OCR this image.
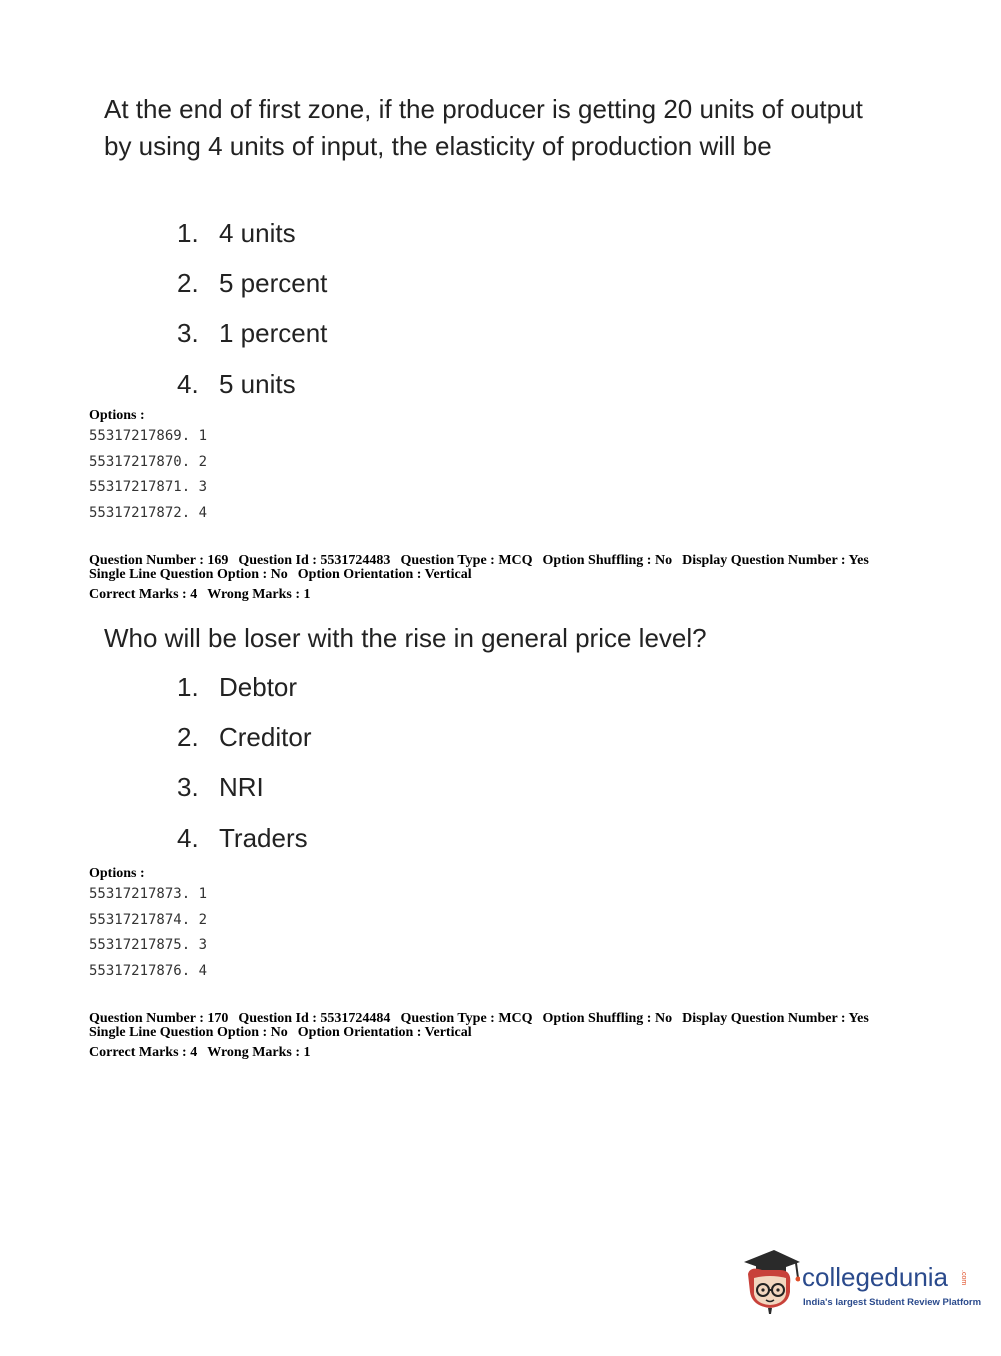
At the end of first zone, if the producer is getting 20 units of output by using 4 units of input, the elasticity of production will be
1. 4 units
2. 5 percent
3. 1 percent
4. 5 units
Options :
55317217869. 1
55317217870. 2
55317217871. 3
55317217872. 4
Question Number : 169 Question Id : 5531724483 Question Type : MCQ Option Shuffling : No Display Question Number : Yes
Single Line Question Option : No Option Orientation : Vertical
Correct Marks : 4 Wrong Marks : 1
Who will be loser with the rise in general price level?
1. Debtor
2. Creditor
3. NRI
4. Traders
Options :
55317217873. 1
55317217874. 2
55317217875. 3
55317217876. 4
Question Number : 170 Question Id : 5531724484 Question Type : MCQ Option Shuffling : No Display Question Number : Yes
Single Line Question Option : No Option Orientation : Vertical
Correct Marks : 4 Wrong Marks : 1
collegedunia .com
India's largest Student Review Platform
